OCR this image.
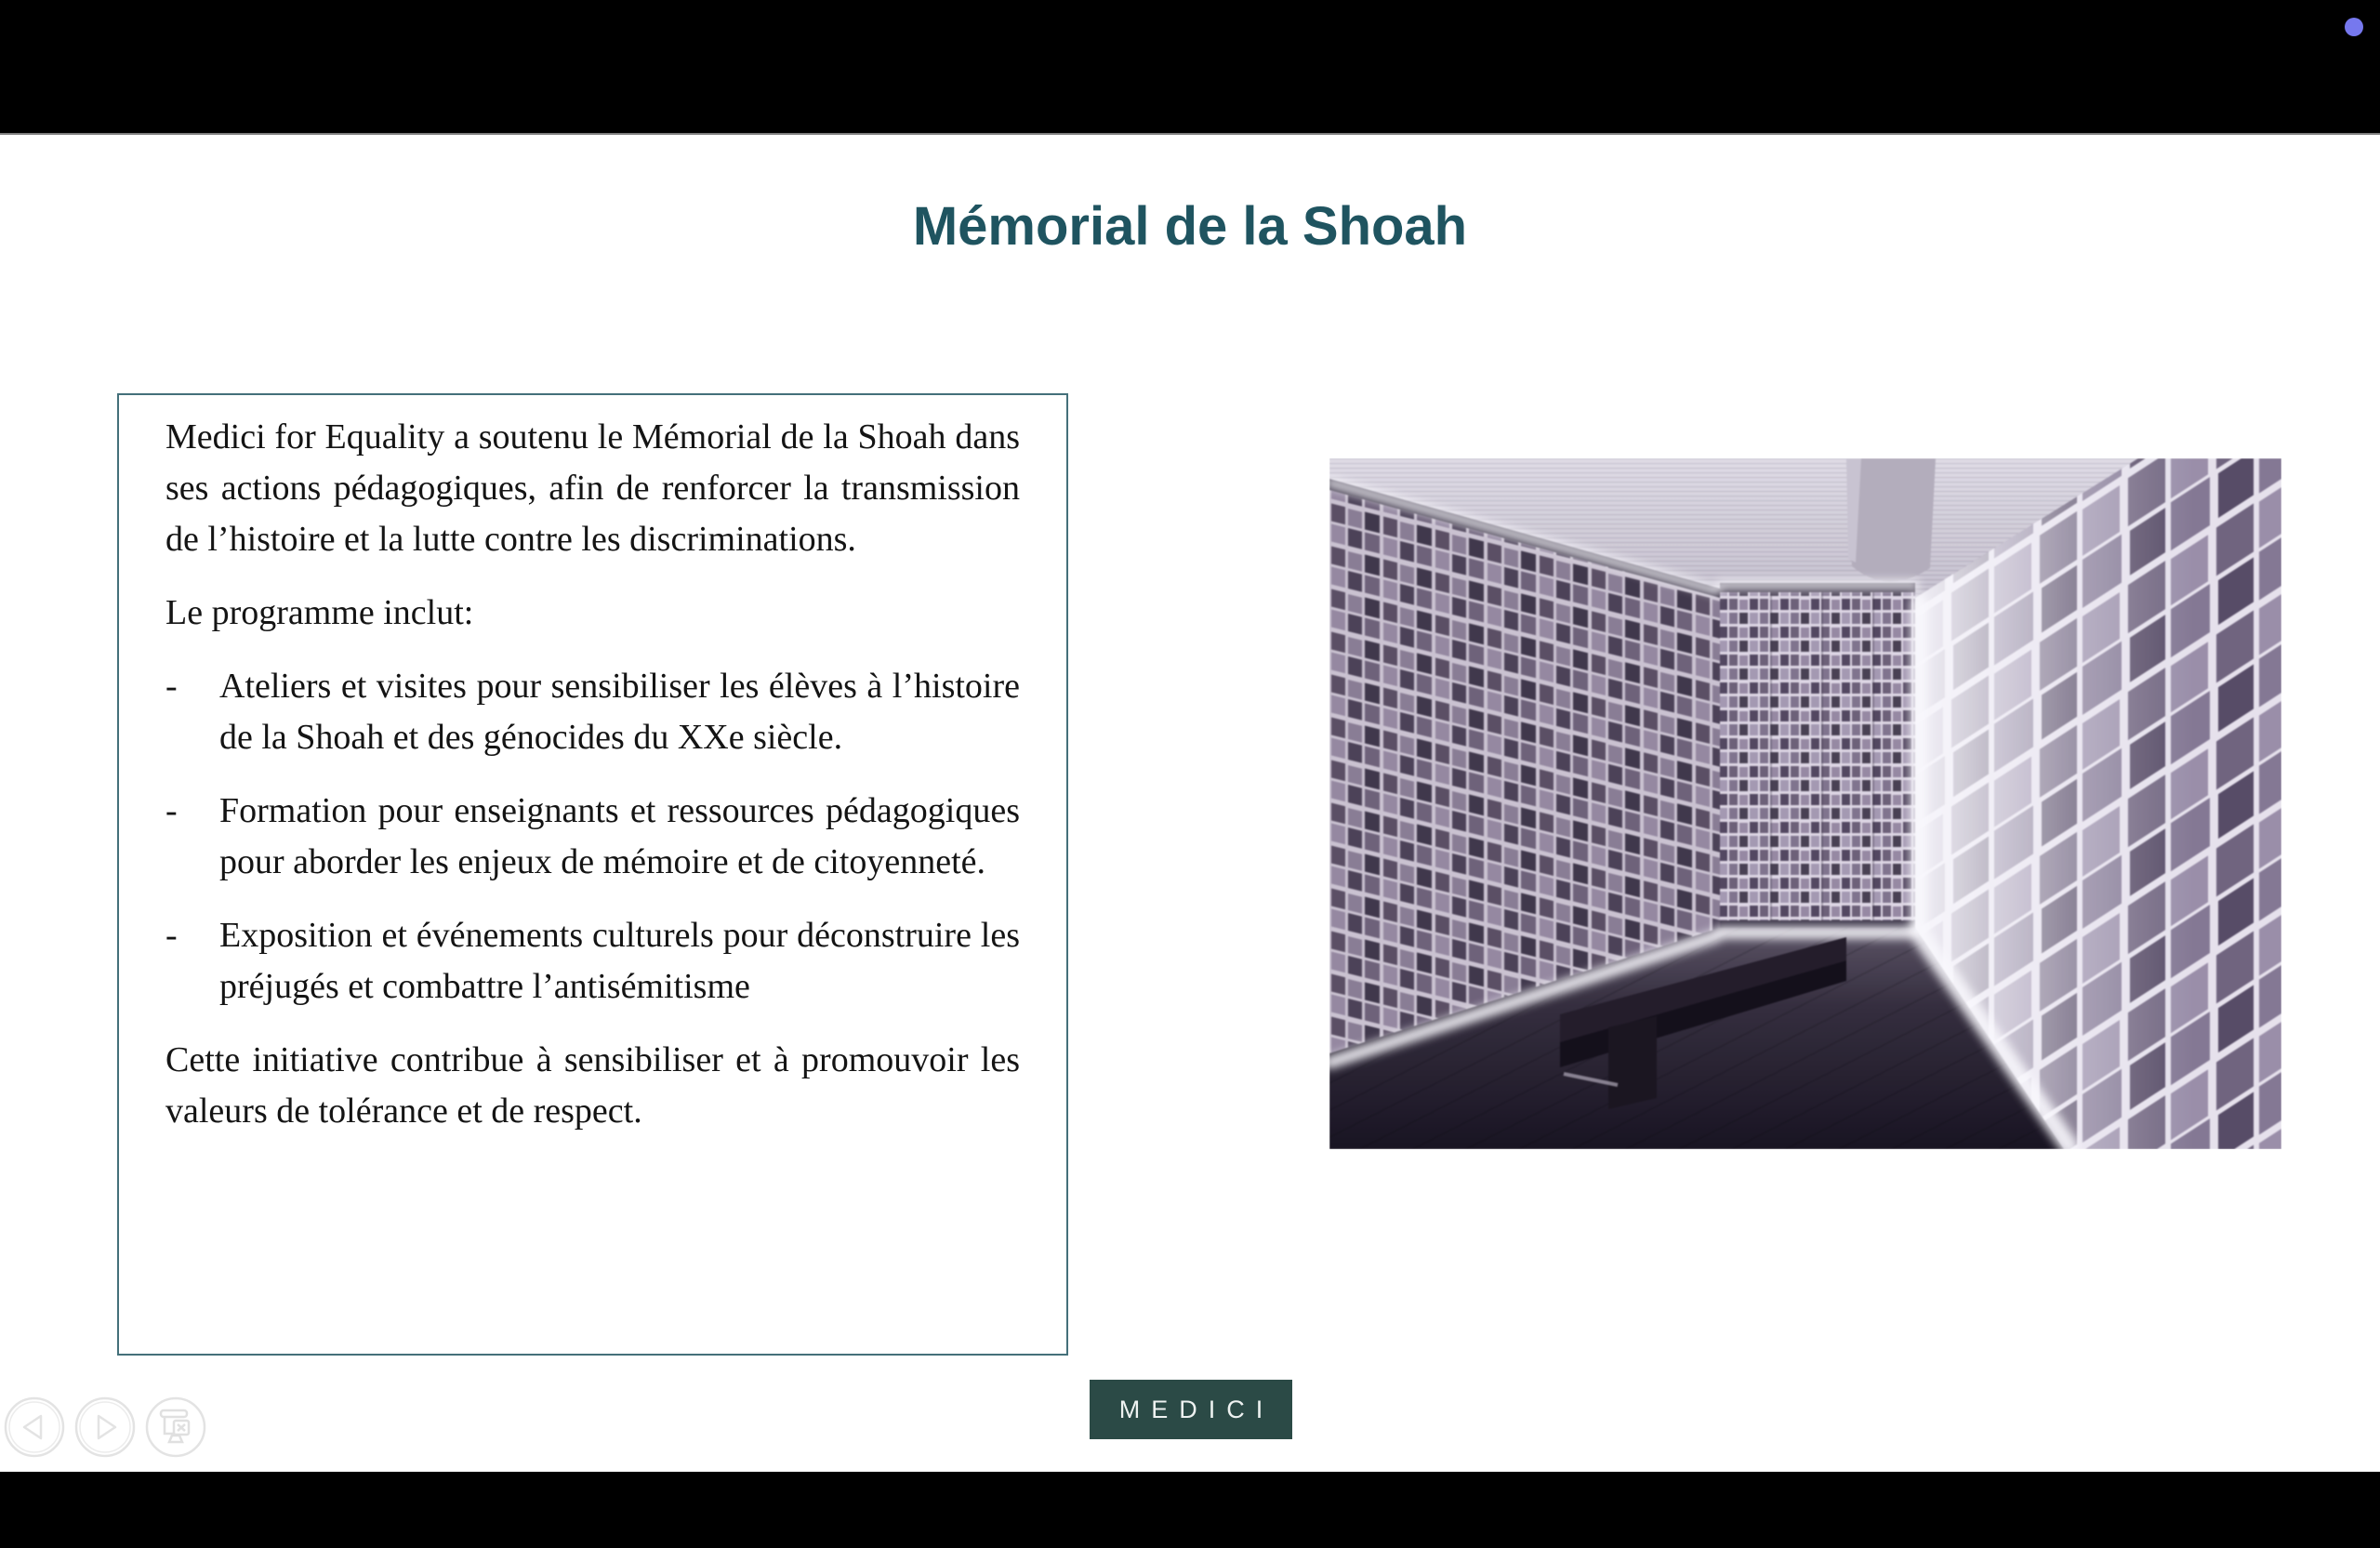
Mémorial de la Shoah

Medici for Equality a soutenu le Mémorial de la Shoah dans ses actions pédagogiques, afin de renforcer la transmission de l’histoire et la lutte contre les discriminations.

Le programme inclut:

-	Ateliers et visites pour sensibiliser les élèves à l’histoire de la Shoah et des génocides du XXe siècle.
-	Formation pour enseignants et ressources pédagogiques pour aborder les enjeux de mémoire et de citoyenneté.
-	Exposition et événements culturels pour déconstruire les préjugés et combattre l’antisémitisme

Cette initiative contribue à sensibiliser et à promouvoir les valeurs de tolérance et de respect.

MEDICI
